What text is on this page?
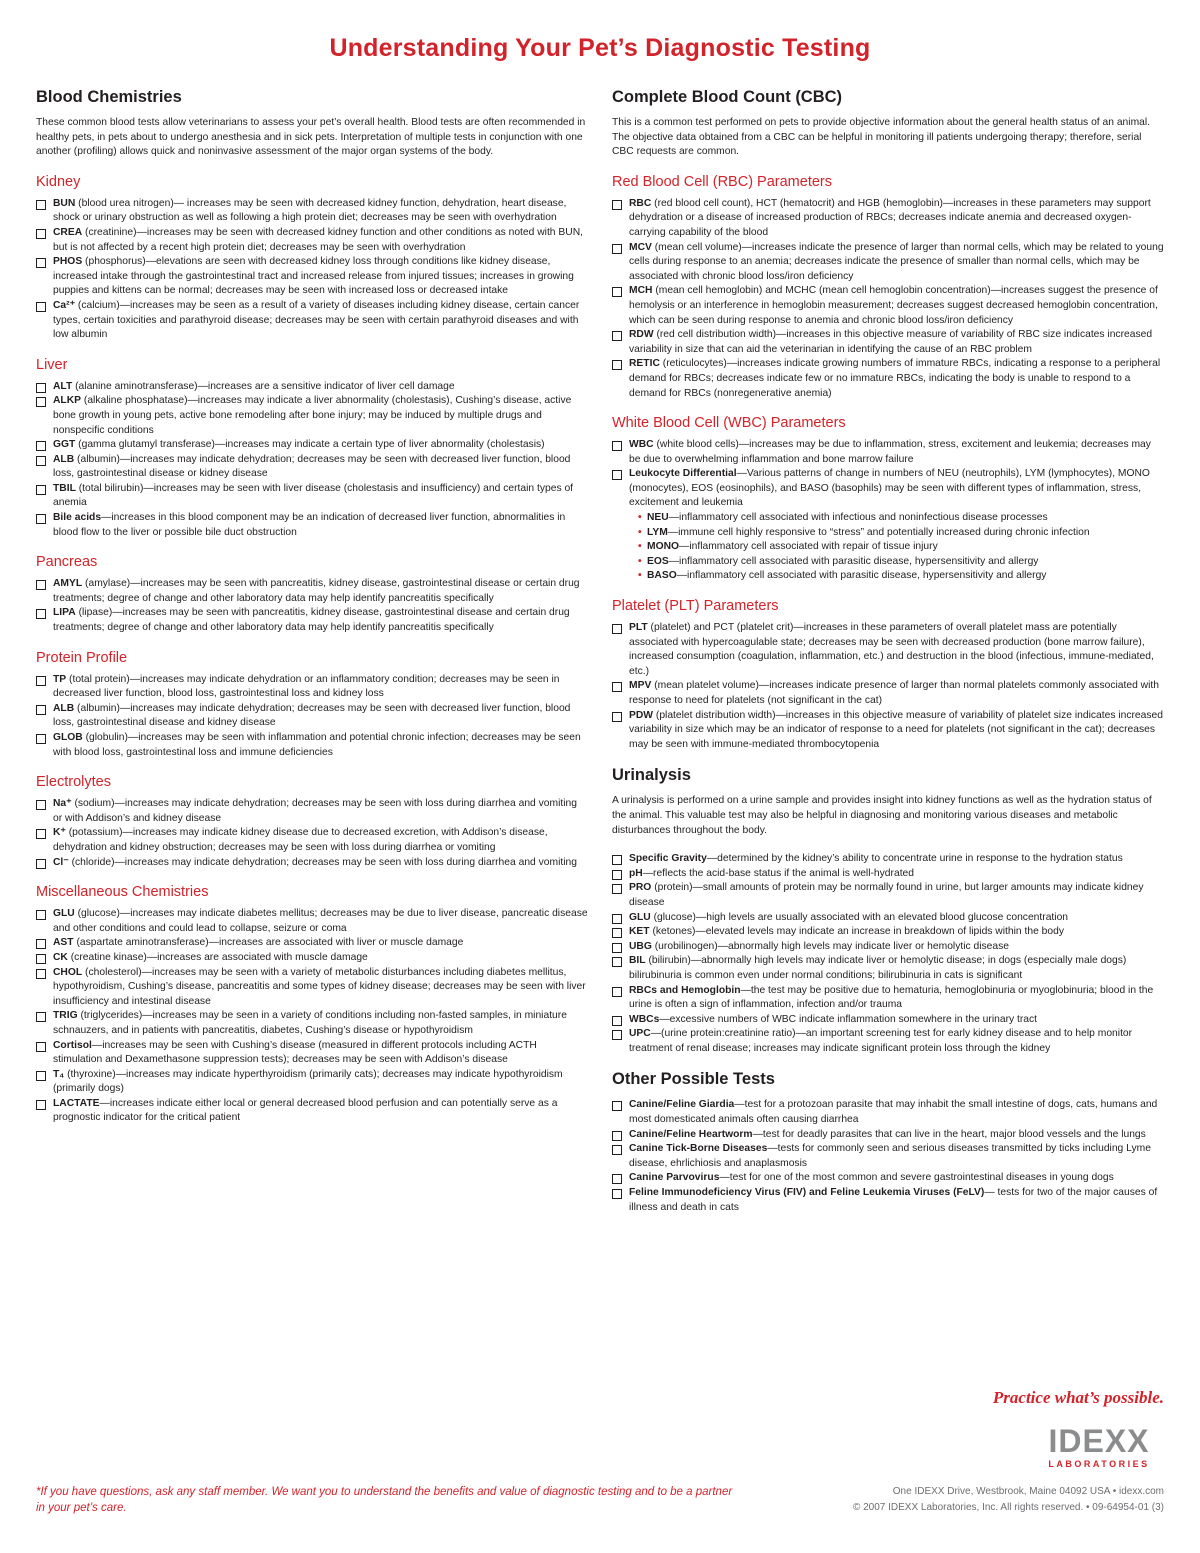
Understanding Your Pet’s Diagnostic Testing
Blood Chemistries

These common blood tests allow veterinarians to assess your pet’s overall health. Blood tests are often recommended in healthy pets, in pets about to undergo anesthesia and in sick pets. Interpretation of multiple tests in conjunction with one another (profiling) allows quick and noninvasive assessment of the major organ systems of the body.

Kidney
BUN (blood urea nitrogen)— increases may be seen with decreased kidney function, dehydration, heart disease, shock or urinary obstruction as well as following a high protein diet; decreases may be seen with overhydration
CREA (creatinine)—increases may be seen with decreased kidney function and other conditions as noted with BUN, but is not affected by a recent high protein diet; decreases may be seen with overhydration
PHOS (phosphorus)—elevations are seen with decreased kidney loss through conditions like kidney disease, increased intake through the gastrointestinal tract and increased release from injured tissues; increases in growing puppies and kittens can be normal; decreases may be seen with increased loss or decreased intake
Ca²⁺ (calcium)—increases may be seen as a result of a variety of diseases including kidney disease, certain cancer types, certain toxicities and parathyroid disease; decreases may be seen with certain parathyroid diseases and with low albumin
Liver
ALT (alanine aminotransferase)—increases are a sensitive indicator of liver cell damage
ALKP (alkaline phosphatase)—increases may indicate a liver abnormality (cholestasis), Cushing’s disease, active bone growth in young pets, active bone remodeling after bone injury; may be induced by multiple drugs and nonspecific conditions
GGT (gamma glutamyl transferase)—increases may indicate a certain type of liver abnormality (cholestasis)
ALB (albumin)—increases may indicate dehydration; decreases may be seen with decreased liver function, blood loss, gastrointestinal disease or kidney disease
TBIL (total bilirubin)—increases may be seen with liver disease (cholestasis and insufficiency) and certain types of anemia
Bile acids—increases in this blood component may be an indication of decreased liver function, abnormalities in blood flow to the liver or possible bile duct obstruction
Pancreas
AMYL (amylase)—increases may be seen with pancreatitis, kidney disease, gastrointestinal disease or certain drug treatments; degree of change and other laboratory data may help identify pancreatitis specifically
LIPA (lipase)—increases may be seen with pancreatitis, kidney disease, gastrointestinal disease and certain drug treatments; degree of change and other laboratory data may help identify pancreatitis specifically
Protein Profile
TP (total protein)—increases may indicate dehydration or an inflammatory condition; decreases may be seen in decreased liver function, blood loss, gastrointestinal loss and kidney loss
ALB (albumin)—increases may indicate dehydration; decreases may be seen with decreased liver function, blood loss, gastrointestinal disease and kidney disease
GLOB (globulin)—increases may be seen with inflammation and potential chronic infection; decreases may be seen with blood loss, gastrointestinal loss and immune deficiencies
Electrolytes
Na⁺ (sodium)—increases may indicate dehydration; decreases may be seen with loss during diarrhea and vomiting or with Addison’s and kidney disease
K⁺ (potassium)—increases may indicate kidney disease due to decreased excretion, with Addison’s disease, dehydration and kidney obstruction; decreases may be seen with loss during diarrhea or vomiting
Cl⁻ (chloride)—increases may indicate dehydration; decreases may be seen with loss during diarrhea and vomiting
Miscellaneous Chemistries
GLU (glucose)—increases may indicate diabetes mellitus; decreases may be due to liver disease, pancreatic disease and other conditions and could lead to collapse, seizure or coma
AST (aspartate aminotransferase)—increases are associated with liver or muscle damage
CK (creatine kinase)—increases are associated with muscle damage
CHOL (cholesterol)—increases may be seen with a variety of metabolic disturbances including diabetes mellitus, hypothyroidism, Cushing’s disease, pancreatitis and some types of kidney disease; decreases may be seen with liver insufficiency and intestinal disease
TRIG (triglycerides)—increases may be seen in a variety of conditions including non-fasted samples, in miniature schnauzers, and in patients with pancreatitis, diabetes, Cushing’s disease or hypothyroidism
Cortisol—increases may be seen with Cushing’s disease (measured in different protocols including ACTH stimulation and Dexamethasone suppression tests); decreases may be seen with Addison’s disease
T₄ (thyroxine)—increases may indicate hyperthyroidism (primarily cats); decreases may indicate hypothyroidism (primarily dogs)
LACTATE—increases indicate either local or general decreased blood perfusion and can potentially serve as a prognostic indicator for the critical patient
Complete Blood Count (CBC)

This is a common test performed on pets to provide objective information about the general health status of an animal. The objective data obtained from a CBC can be helpful in monitoring ill patients undergoing therapy; therefore, serial CBC requests are common.

Red Blood Cell (RBC) Parameters
RBC (red blood cell count), HCT (hematocrit) and HGB (hemoglobin)—increases in these parameters may support dehydration or a disease of increased production of RBCs; decreases indicate anemia and decreased oxygen-carrying capability of the blood
MCV (mean cell volume)—increases indicate the presence of larger than normal cells, which may be related to young cells during response to an anemia; decreases indicate the presence of smaller than normal cells, which may be associated with chronic blood loss/iron deficiency
MCH (mean cell hemoglobin) and MCHC (mean cell hemoglobin concentration)—increases suggest the presence of hemolysis or an interference in hemoglobin measurement; decreases suggest decreased hemoglobin concentration, which can be seen during response to anemia and chronic blood loss/iron deficiency
RDW (red cell distribution width)—increases in this objective measure of variability of RBC size indicates increased variability in size that can aid the veterinarian in identifying the cause of an RBC problem
RETIC (reticulocytes)—increases indicate growing numbers of immature RBCs, indicating a response to a peripheral demand for RBCs; decreases indicate few or no immature RBCs, indicating the body is unable to respond to a demand for RBCs (nonregenerative anemia)
White Blood Cell (WBC) Parameters
WBC (white blood cells)—increases may be due to inflammation, stress, excitement and leukemia; decreases may be due to overwhelming inflammation and bone marrow failure
Leukocyte Differential—Various patterns of change in numbers of NEU (neutrophils), LYM (lymphocytes), MONO (monocytes), EOS (eosinophils), and BASO (basophils) may be seen with different types of inflammation, stress, excitement and leukemia
• NEU—inflammatory cell associated with infectious and noninfectious disease processes
• LYM—immune cell highly responsive to “stress” and potentially increased during chronic infection
• MONO—inflammatory cell associated with repair of tissue injury
• EOS—inflammatory cell associated with parasitic disease, hypersensitivity and allergy
• BASO—inflammatory cell associated with parasitic disease, hypersensitivity and allergy
Platelet (PLT) Parameters
PLT (platelet) and PCT (platelet crit)—increases in these parameters of overall platelet mass are potentially associated with hypercoagulable state; decreases may be seen with decreased production (bone marrow failure), increased consumption (coagulation, inflammation, etc.) and destruction in the blood (infectious, immune-mediated, etc.)
MPV (mean platelet volume)—increases indicate presence of larger than normal platelets commonly associated with response to need for platelets (not significant in the cat)
PDW (platelet distribution width)—increases in this objective measure of variability of platelet size indicates increased variability in size which may be an indicator of response to a need for platelets (not significant in the cat); decreases may be seen with immune-mediated thrombocytopenia
Urinalysis

A urinalysis is performed on a urine sample and provides insight into kidney functions as well as the hydration status of the animal. This valuable test may also be helpful in diagnosing and monitoring various diseases and metabolic disturbances throughout the body.

Specific Gravity—determined by the kidney’s ability to concentrate urine in response to the hydration status
pH—reflects the acid-base status if the animal is well-hydrated
PRO (protein)—small amounts of protein may be normally found in urine, but larger amounts may indicate kidney disease
GLU (glucose)—high levels are usually associated with an elevated blood glucose concentration
KET (ketones)—elevated levels may indicate an increase in breakdown of lipids within the body
UBG (urobilinogen)—abnormally high levels may indicate liver or hemolytic disease
BIL (bilirubin)—abnormally high levels may indicate liver or hemolytic disease; in dogs (especially male dogs) bilirubinuria is common even under normal conditions; bilirubinuria in cats is significant
RBCs and Hemoglobin—the test may be positive due to hematuria, hemoglobinuria or myoglobinuria; blood in the urine is often a sign of inflammation, infection and/or trauma
WBCs—excessive numbers of WBC indicate inflammation somewhere in the urinary tract
UPC—(urine protein:creatinine ratio)—an important screening test for early kidney disease and to help monitor treatment of renal disease; increases may indicate significant protein loss through the kidney
Other Possible Tests
Canine/Feline Giardia—test for a protozoan parasite that may inhabit the small intestine of dogs, cats, humans and most domesticated animals often causing diarrhea
Canine/Feline Heartworm—test for deadly parasites that can live in the heart, major blood vessels and the lungs
Canine Tick-Borne Diseases—tests for commonly seen and serious diseases transmitted by ticks including Lyme disease, ehrlichiosis and anaplasmosis
Canine Parvovirus—test for one of the most common and severe gastrointestinal diseases in young dogs
Feline Immunodeficiency Virus (FIV) and Feline Leukemia Viruses (FeLV)— tests for two of the major causes of illness and death in cats
Practice what’s possible.
IDEXX
LABORATORIES
*If you have questions, ask any staff member. We want you to understand the benefits and value of diagnostic testing and to be a partner in your pet’s care.
One IDEXX Drive, Westbrook, Maine 04092 USA • idexx.com
© 2007 IDEXX Laboratories, Inc. All rights reserved. • 09-64954-01 (3)
